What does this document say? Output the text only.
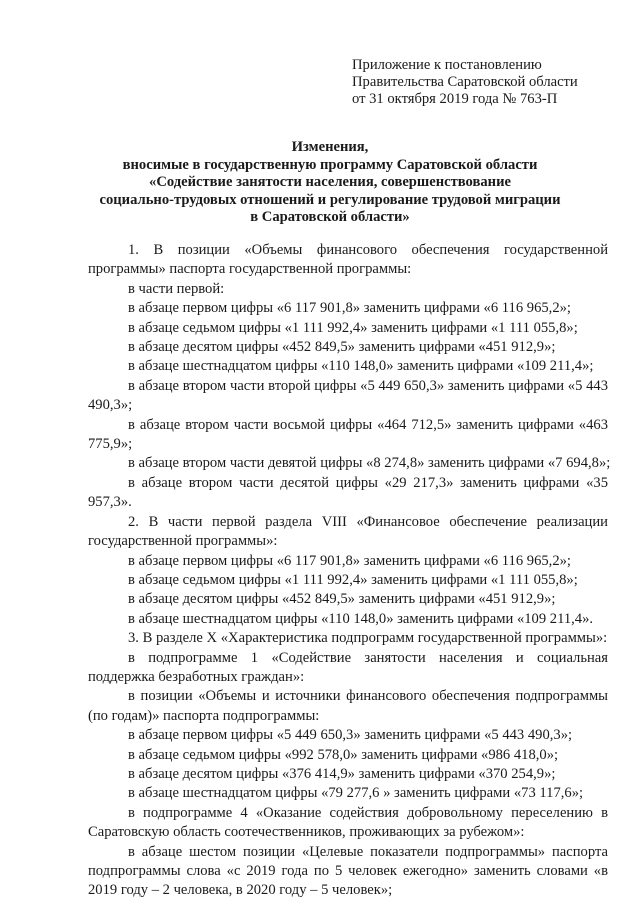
Приложение к постановлению
Правительства Саратовской области
от 31 октября 2019 года № 763-П
Изменения,
вносимые в государственную программу Саратовской области
«Содействие занятости населения, совершенствование
социально-трудовых отношений и регулирование трудовой миграции
в Саратовской области»

1. В позиции «Объемы финансового обеспечения государственной программы» паспорта государственной программы:

в части первой:

в абзаце первом цифры «6 117 901,8» заменить цифрами «6 116 965,2»;

в абзаце седьмом цифры «1 111 992,4» заменить цифрами «1 111 055,8»;

в абзаце десятом цифры «452 849,5» заменить цифрами «451 912,9»;

в абзаце шестнадцатом цифры «110 148,0» заменить цифрами «109 211,4»;

в абзаце втором части второй цифры «5 449 650,3» заменить цифрами «5 443 490,3»;

в абзаце втором части восьмой цифры «464 712,5» заменить цифрами «463 775,9»;

в абзаце втором части девятой цифры «8 274,8» заменить цифрами «7 694,8»;

в абзаце втором части десятой цифры «29 217,3» заменить цифрами «35 957,3».

2. В части первой раздела VIII «Финансовое обеспечение реализации государственной программы»:

в абзаце первом цифры «6 117 901,8» заменить цифрами «6 116 965,2»;

в абзаце седьмом цифры «1 111 992,4» заменить цифрами «1 111 055,8»;

в абзаце десятом цифры «452 849,5» заменить цифрами «451 912,9»;

в абзаце шестнадцатом цифры «110 148,0» заменить цифрами «109 211,4».

3. В разделе X «Характеристика подпрограмм государственной программы»:

в подпрограмме 1 «Содействие занятости населения и социальная поддержка безработных граждан»:

в позиции «Объемы и источники финансового обеспечения подпрограммы (по годам)» паспорта подпрограммы:

в абзаце первом цифры «5 449 650,3» заменить цифрами «5 443 490,3»;

в абзаце седьмом цифры «992 578,0» заменить цифрами «986 418,0»;

в абзаце десятом цифры «376 414,9» заменить цифрами «370 254,9»;

в абзаце шестнадцатом цифры «79 277,6 » заменить цифрами «73 117,6»;

в подпрограмме 4 «Оказание содействия добровольному переселению в Саратовскую область соотечественников, проживающих за рубежом»:

в абзаце шестом позиции «Целевые показатели подпрограммы» паспорта подпрограммы слова «с 2019 года по 5 человек ежегодно» заменить словами «в 2019 году – 2 человека, в 2020 году – 5 человек»;
